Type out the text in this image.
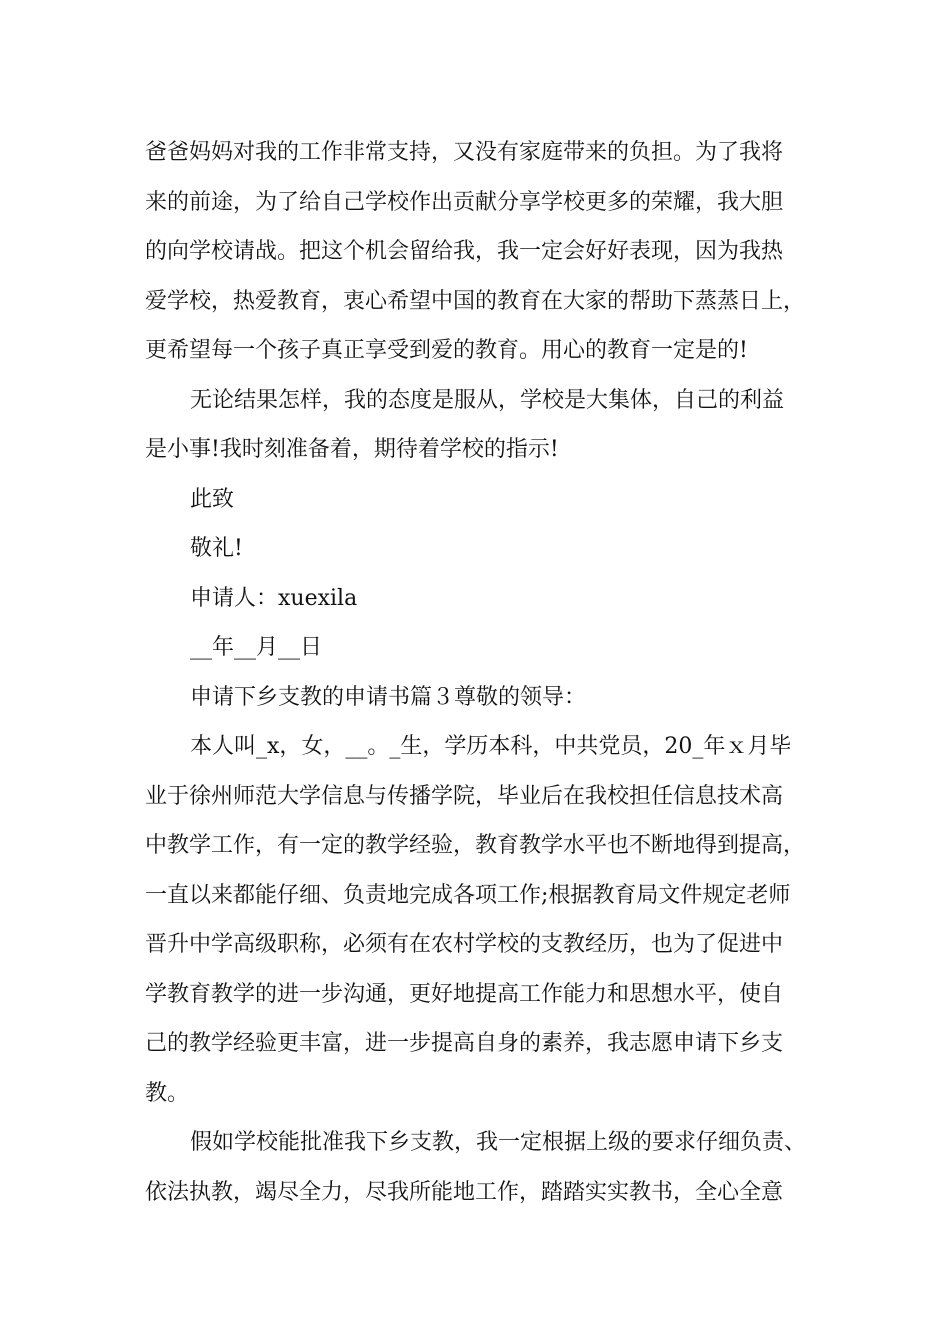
爸爸妈妈对我的工作非常支持，又没有家庭带来的负担。为了我将

来的前途，为了给自己学校作出贡献分享学校更多的荣耀，我大胆

的向学校请战。把这个机会留给我，我一定会好好表现，因为我热

爱学校，热爱教育，衷心希望中国的教育在大家的帮助下蒸蒸日上，

更希望每一个孩子真正享受到爱的教育。用心的教育一定是的!

无论结果怎样，我的态度是服从，学校是大集体，自己的利益

是小事!我时刻准备着，期待着学校的指示!

此致

敬礼!

申请人：xuexila

__年__月__日

申请下乡支教的申请书篇３尊敬的领导：

本人叫_x，女，__。_生，学历本科，中共党员，20_年ｘ月毕

业于徐州师范大学信息与传播学院，毕业后在我校担任信息技术高

中教学工作，有一定的教学经验，教育教学水平也不断地得到提高，

一直以来都能仔细、负责地完成各项工作;根据教育局文件规定老师

晋升中学高级职称，必须有在农村学校的支教经历，也为了促进中

学教育教学的进一步沟通，更好地提高工作能力和思想水平，使自

己的教学经验更丰富，进一步提高自身的素养，我志愿申请下乡支

教。

假如学校能批准我下乡支教，我一定根据上级的要求仔细负责、

依法执教，竭尽全力，尽我所能地工作，踏踏实实教书，全心全意
